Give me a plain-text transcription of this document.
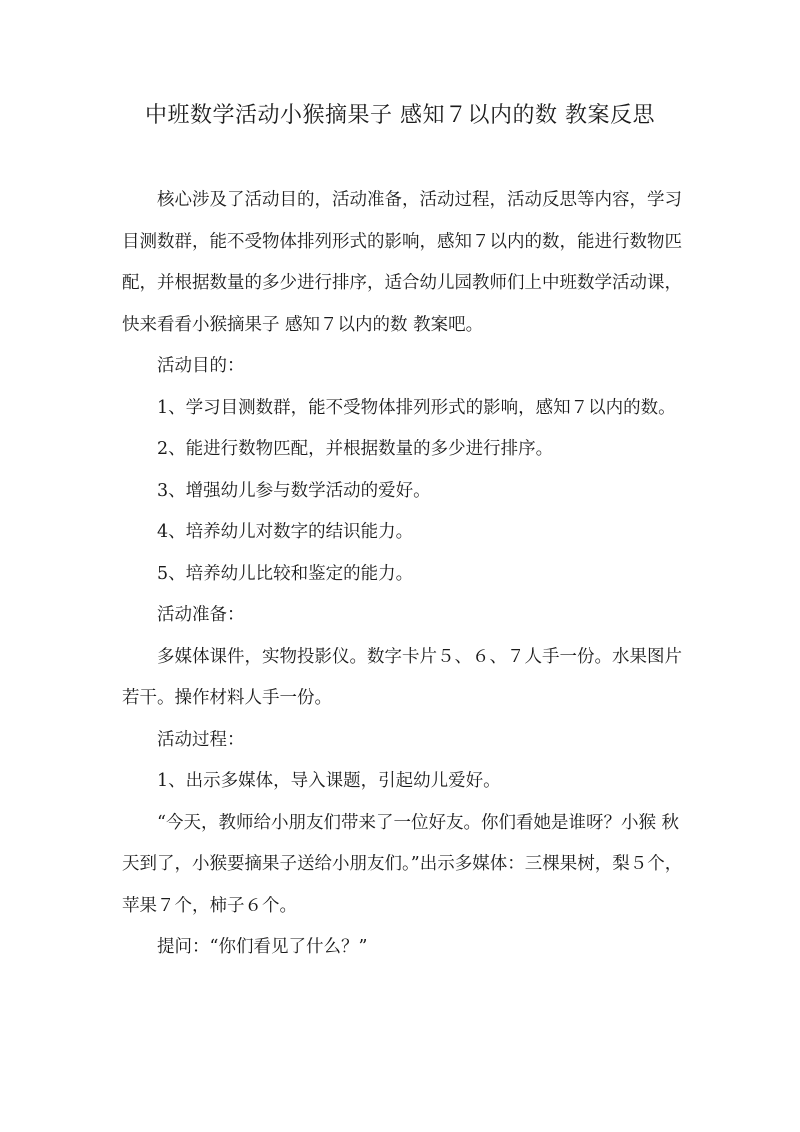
中班数学活动小猴摘果子 感知７以内的数 教案反思

核心涉及了活动目的，活动准备，活动过程，活动反思等内容，学习目测数群，能不受物体排列形式的影响，感知７以内的数，能进行数物匹配，并根据数量的多少进行排序，适合幼儿园教师们上中班数学活动课，快来看看小猴摘果子 感知７以内的数 教案吧。

活动目的：

1、学习目测数群，能不受物体排列形式的影响，感知７以内的数。

2、能进行数物匹配，并根据数量的多少进行排序。

3、增强幼儿参与数学活动的爱好。

4、培养幼儿对数字的结识能力。

5、培养幼儿比较和鉴定的能力。

活动准备：

多媒体课件，实物投影仪。数字卡片５、６、７人手一份。水果图片若干。操作材料人手一份。

活动过程：

1、出示多媒体，导入课题，引起幼儿爱好。

“今天，教师给小朋友们带来了一位好友。你们看她是谁呀？小猴 秋天到了，小猴要摘果子送给小朋友们。”出示多媒体：三棵果树，梨５个，苹果７个，柿子６个。

提问：“你们看见了什么？”
